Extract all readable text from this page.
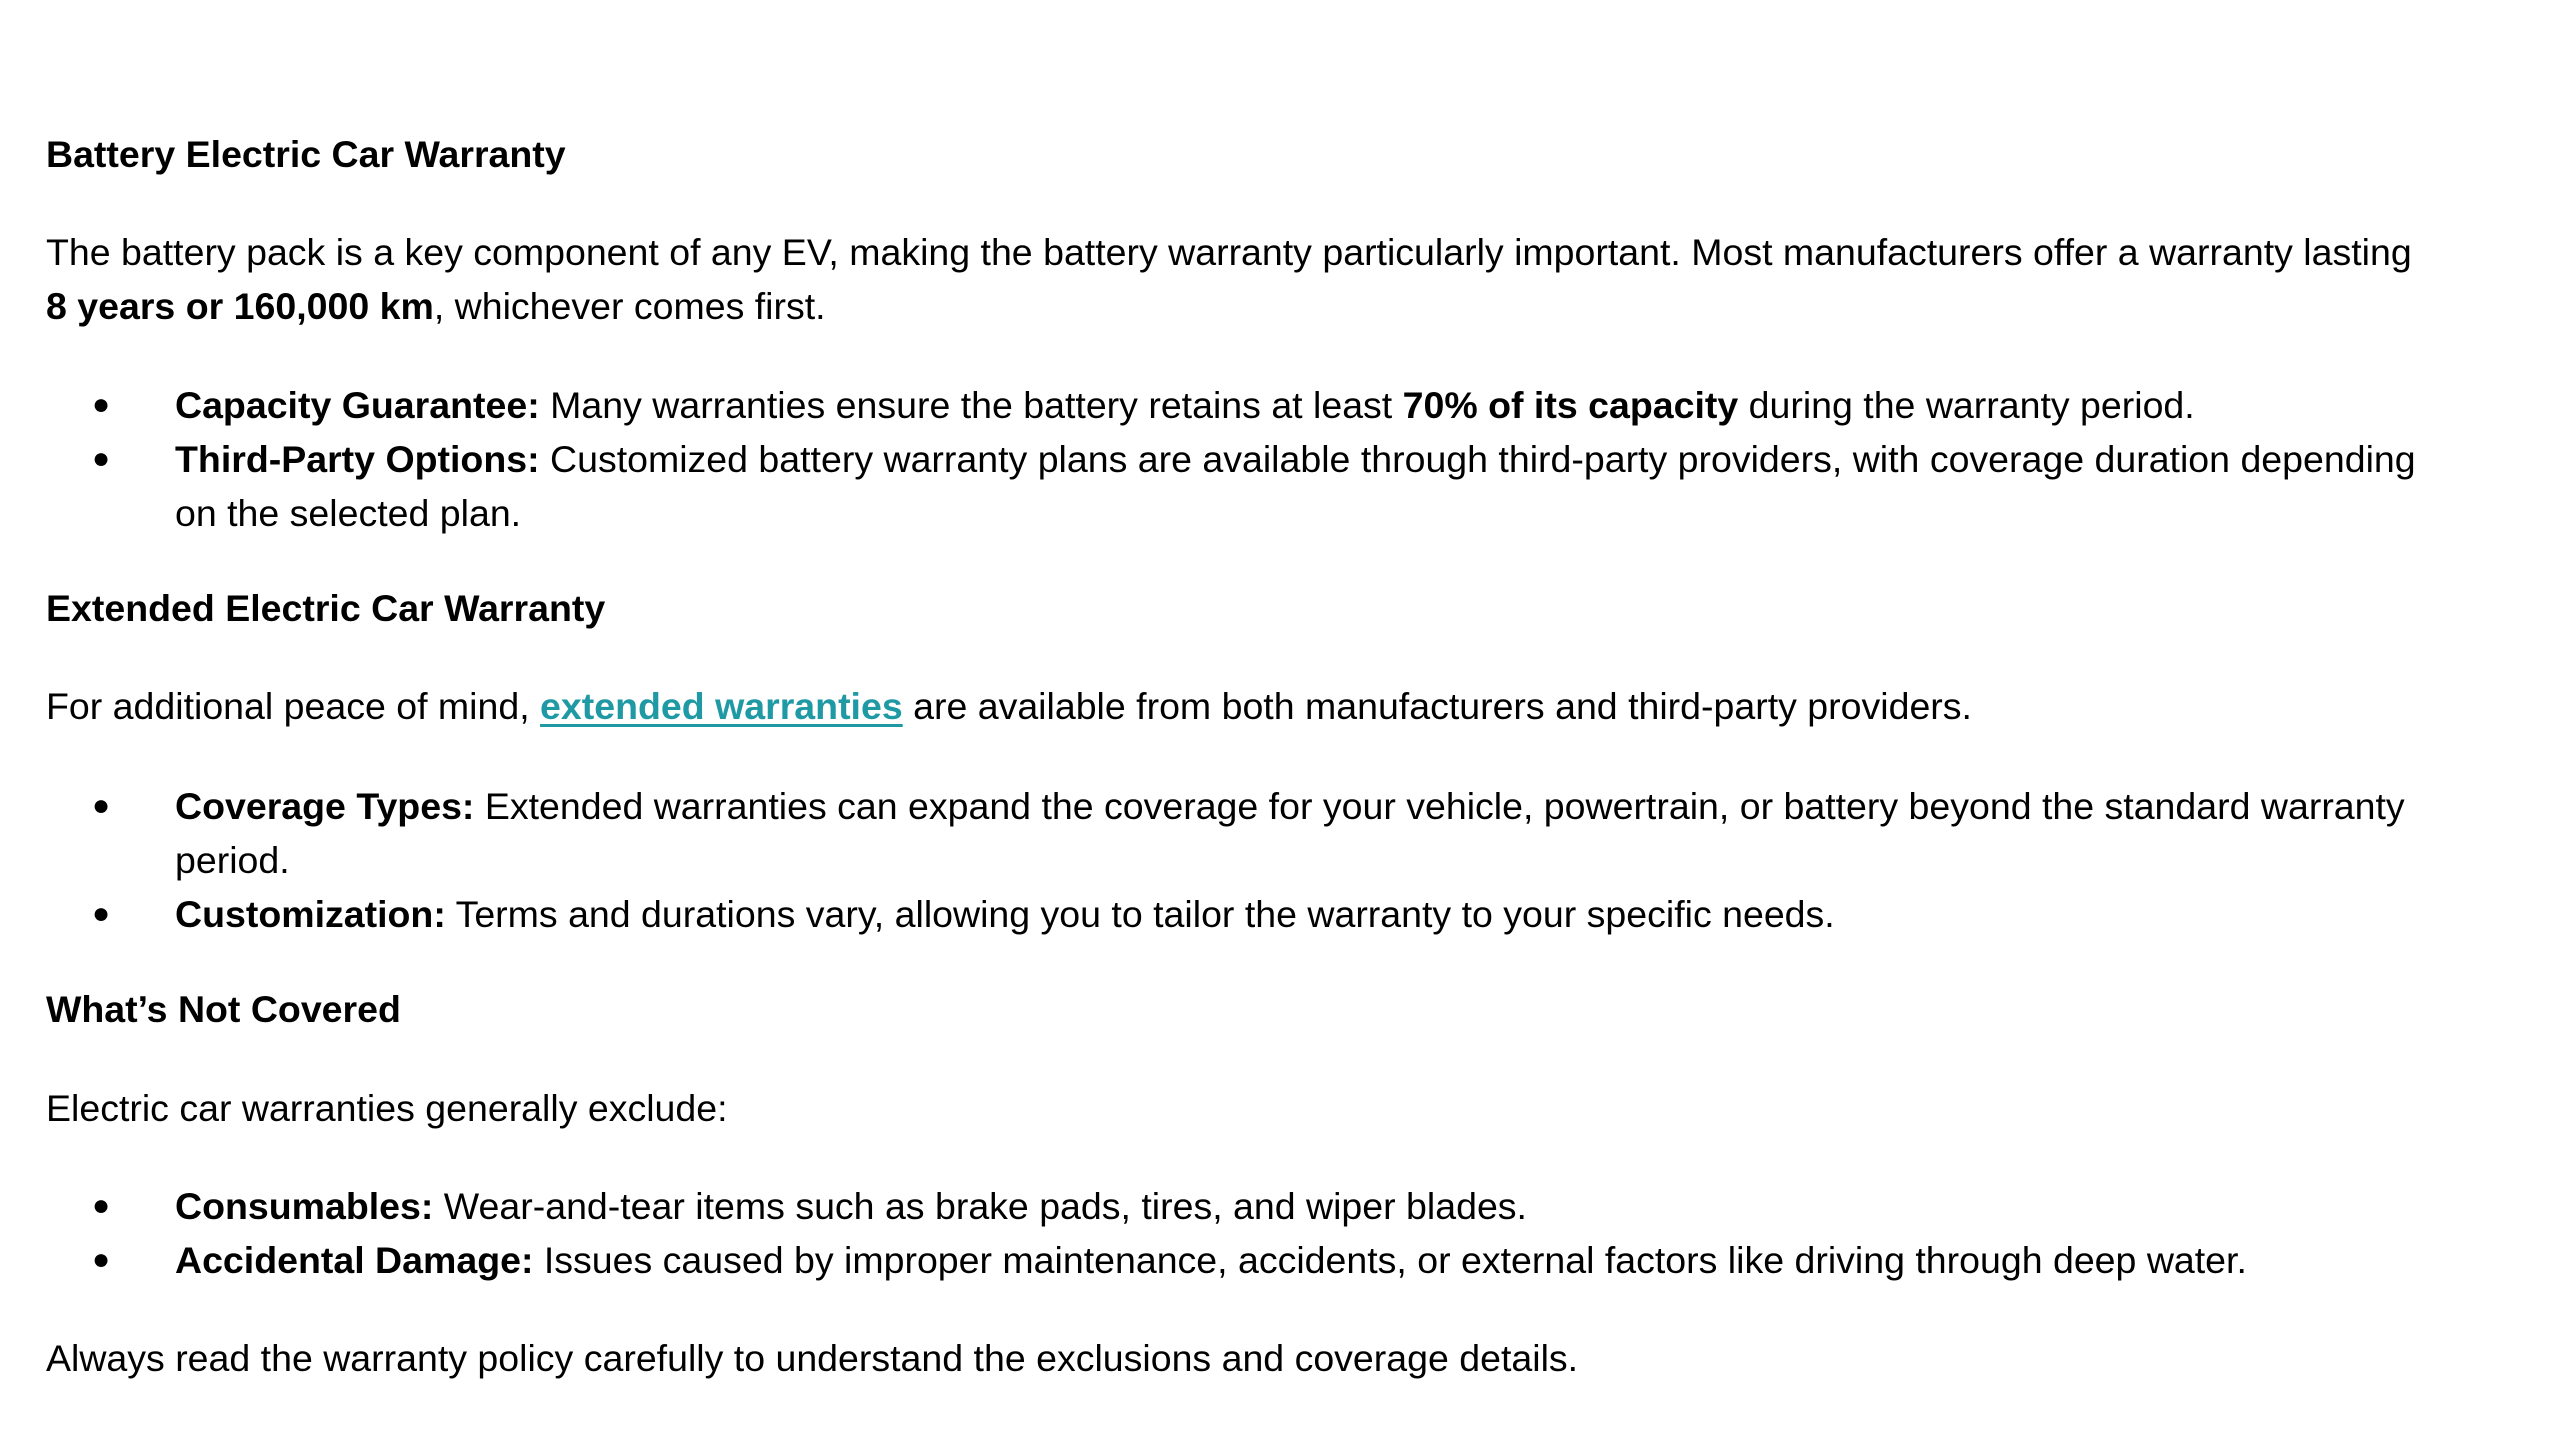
Battery Electric Car Warranty
The battery pack is a key component of any EV, making the battery warranty particularly important. Most manufacturers offer a warranty lasting
8 years or 160,000 km, whichever comes first.
● Capacity Guarantee: Many warranties ensure the battery retains at least 70% of its capacity during the warranty period.
● Third-Party Options: Customized battery warranty plans are available through third-party providers, with coverage duration depending
on the selected plan.
Extended Electric Car Warranty
For additional peace of mind, extended warranties are available from both manufacturers and third-party providers.
● Coverage Types: Extended warranties can expand the coverage for your vehicle, powertrain, or battery beyond the standard warranty
period.
● Customization: Terms and durations vary, allowing you to tailor the warranty to your specific needs.
What’s Not Covered
Electric car warranties generally exclude:
● Consumables: Wear-and-tear items such as brake pads, tires, and wiper blades.
● Accidental Damage: Issues caused by improper maintenance, accidents, or external factors like driving through deep water.
Always read the warranty policy carefully to understand the exclusions and coverage details.
